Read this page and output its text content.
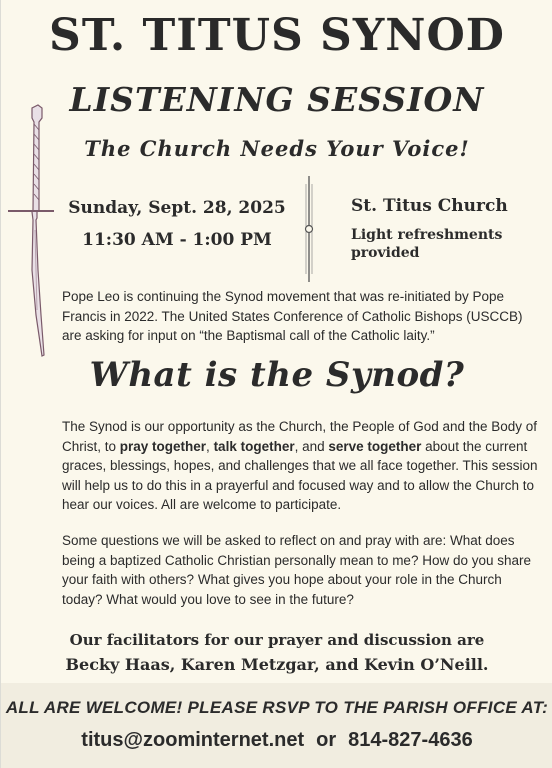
ST. TITUS SYNOD
LISTENING SESSION
The Church Needs Your Voice!
Sunday, Sept. 28, 2025
11:30 AM - 1:00 PM
St. Titus Church
Light refreshments provided
Pope Leo is continuing the Synod movement that was re-initiated by Pope Francis in 2022. The United States Conference of Catholic Bishops (USCCB) are asking for input on “the Baptismal call of the Catholic laity.”
What is the Synod?
The Synod is our opportunity as the Church, the People of God and the Body of Christ, to pray together, talk together, and serve together about the current graces, blessings, hopes, and challenges that we all face together. This session will help us to do this in a prayerful and focused way and to allow the Church to hear our voices. All are welcome to participate.
Some questions we will be asked to reflect on and pray with are: What does being a baptized Catholic Christian personally mean to me? How do you share your faith with others? What gives you hope about your role in the Church today? What would you love to see in the future?
Our facilitators for our prayer and discussion are
Becky Haas, Karen Metzgar, and Kevin O’Neill.
ALL ARE WELCOME! PLEASE RSVP TO THE PARISH OFFICE AT:
titus@zoominternet.net or 814-827-4636
